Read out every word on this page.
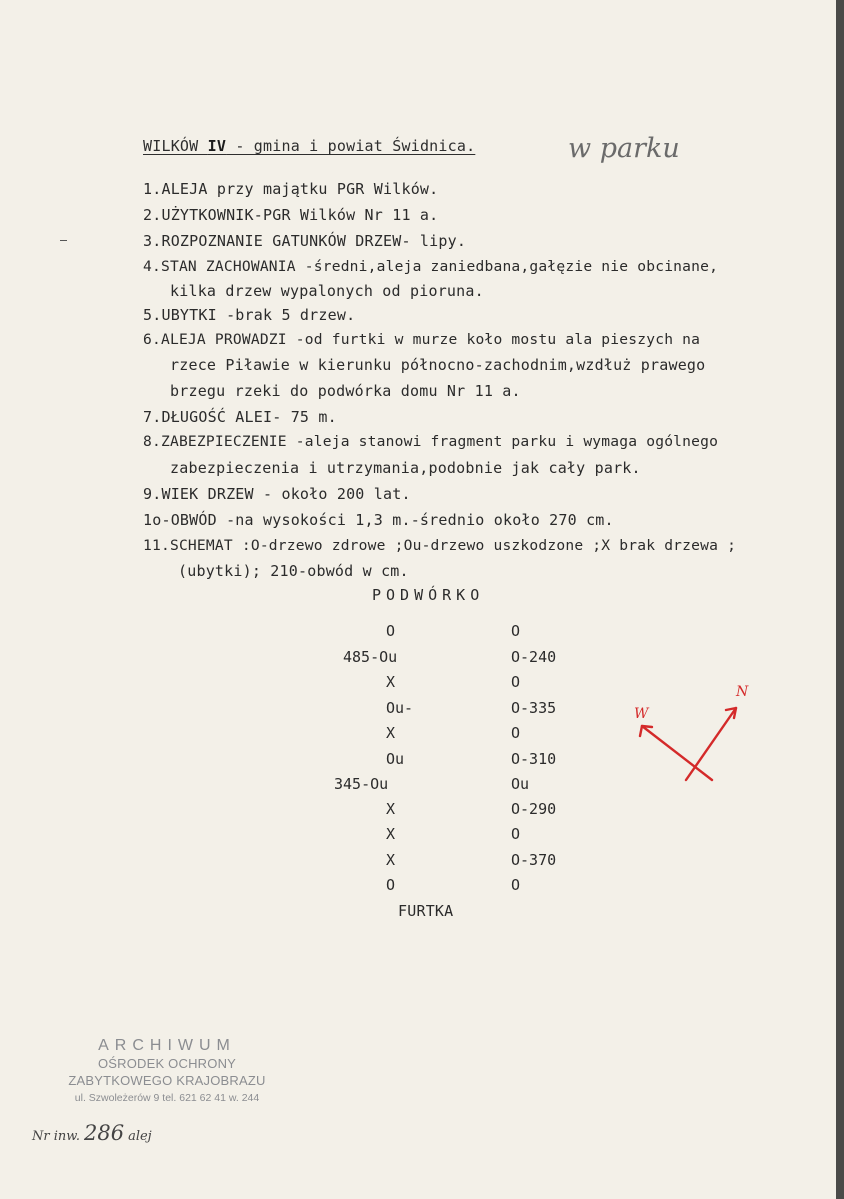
WILKÓW IV - gmina i powiat Świdnica.	w parku
1.ALEJA przy majątku PGR Wilków.
2.UŻYTKOWNIK-PGR Wilków Nr 11 a.
3.ROZPOZNANIE GATUNKÓW DRZEW- lipy.
4.STAN ZACHOWANIA -średni,aleja zaniedbana,gałęzie nie obcinane,
kilka drzew wypalonych od pioruna.
5.UBYTKI -brak 5 drzew.
6.ALEJA PROWADZI -od furtki w murze koło mostu ala pieszych na
rzece Piławie w kierunku północno-zachodnim,wzdłuż prawego
brzegu rzeki do podwórka domu Nr 11 a.
7.DŁUGOŚĆ ALEI- 75 m.
8.ZABEZPIECZENIE -aleja stanowi fragment parku i wymaga ogólnego
zabezpieczenia i utrzymania,podobnie jak cały park.
9.WIEK DRZEW - około 200 lat.
1o-OBWÓD -na wysokości 1,3 m.-średnio około 270 cm.
11.SCHEMAT :O-drzewo zdrowe ;Ou-drzewo uszkodzone ;X brak drzewa ;
(ubytki); 210-obwód w cm.
PODWÓRKO
O
485-Ou
X
Ou-
X
Ou
345-Ou
X
X
X
O
O
O-240
O
O-335
O
O-310
Ou
O-290
O
O-370
O
FURTKA
W
N
ARCHIWUM
OŚRODEK OCHRONY
ZABYTKOWEGO KRAJOBRAZU
ul. Szwoleżerów 9 tel. 621 62 41 w. 244
Nr inw. 286 alej
